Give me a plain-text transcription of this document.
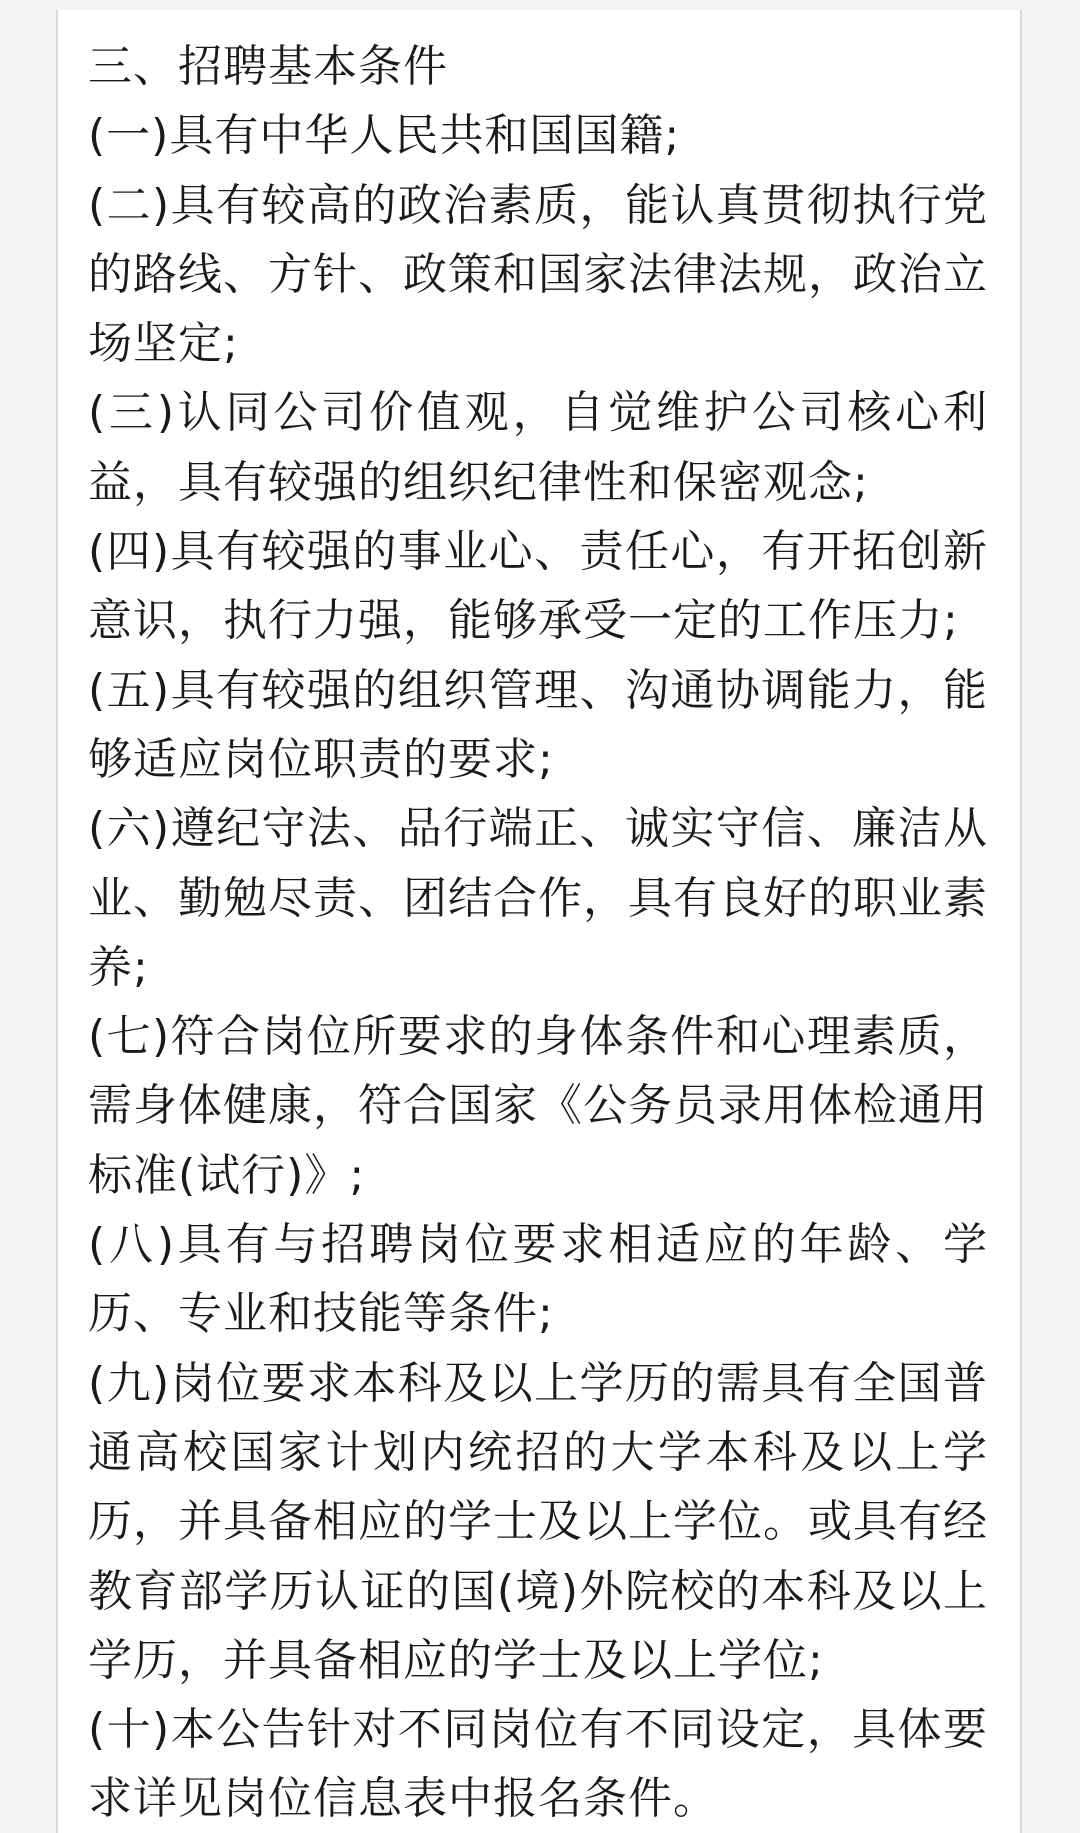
三、招聘基本条件

(一)具有中华人民共和国国籍;

(二)具有较高的政治素质，能认真贯彻执行党的路线、方针、政策和国家法律法规，政治立场坚定;

(三)认同公司价值观，自觉维护公司核心利益，具有较强的组织纪律性和保密观念;

(四)具有较强的事业心、责任心，有开拓创新意识，执行力强，能够承受一定的工作压力;

(五)具有较强的组织管理、沟通协调能力，能够适应岗位职责的要求;

(六)遵纪守法、品行端正、诚实守信、廉洁从业、勤勉尽责、团结合作，具有良好的职业素养;

(七)符合岗位所要求的身体条件和心理素质，需身体健康，符合国家《公务员录用体检通用标准(试行)》;

(八)具有与招聘岗位要求相适应的年龄、学历、专业和技能等条件;

(九)岗位要求本科及以上学历的需具有全国普通高校国家计划内统招的大学本科及以上学历，并具备相应的学士及以上学位。或具有经教育部学历认证的国(境)外院校的本科及以上学历，并具备相应的学士及以上学位;

(十)本公告针对不同岗位有不同设定，具体要求详见岗位信息表中报名条件。
